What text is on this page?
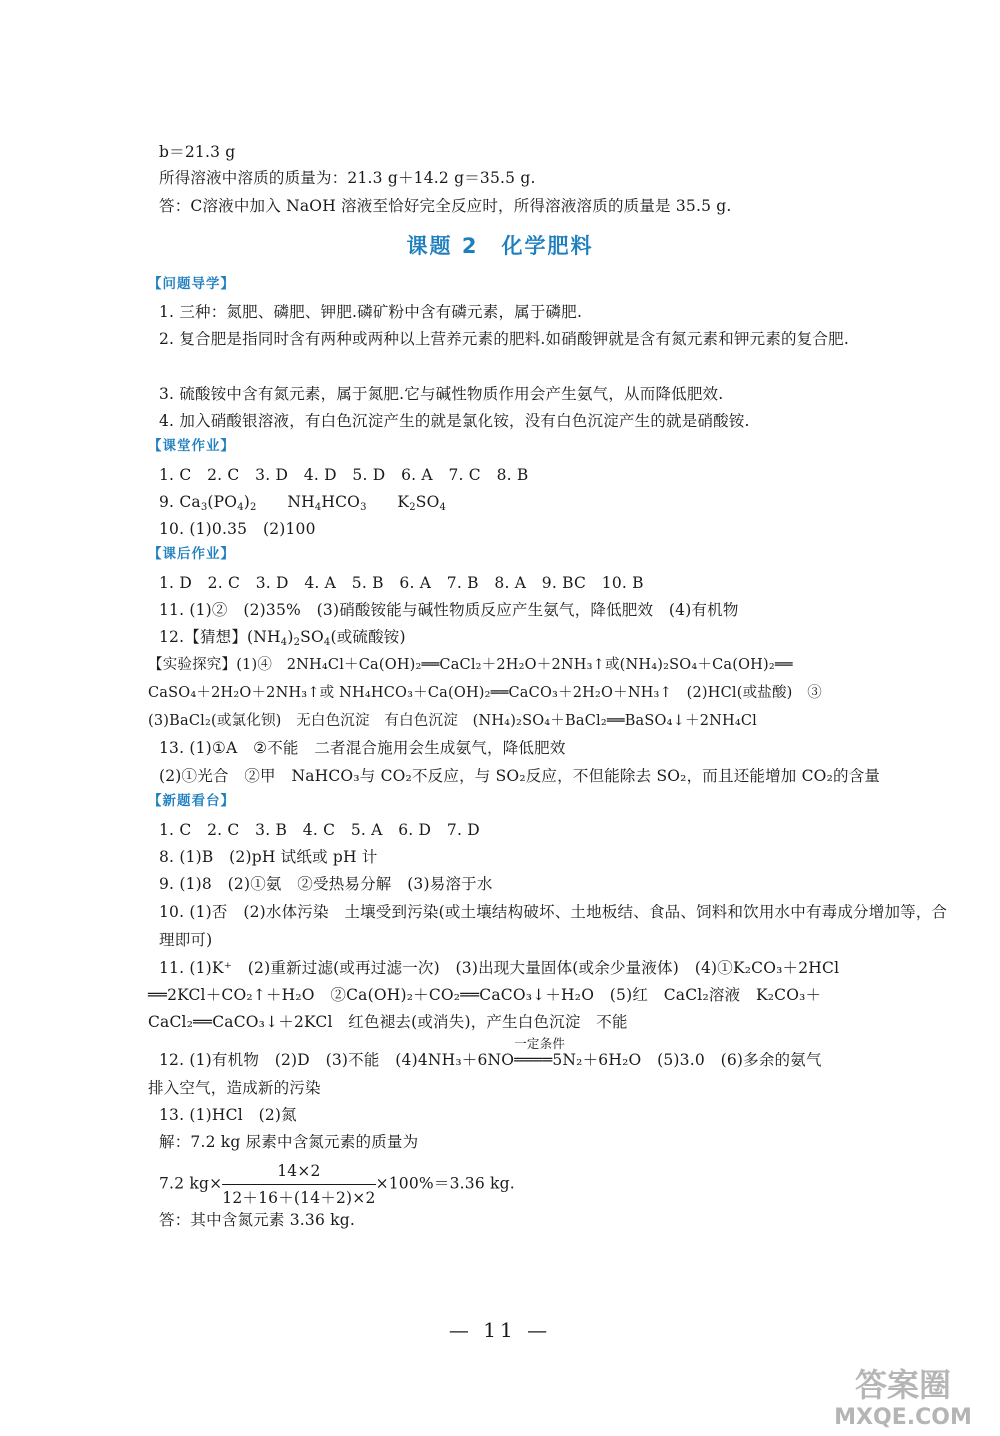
b＝21.3 g
所得溶液中溶质的质量为：21.3 g＋14.2 g＝35.5 g.
答：C溶液中加入 NaOH 溶液至恰好完全反应时，所得溶液溶质的质量是 35.5 g.
课题 2　化学肥料
【问题导学】
1. 三种：氮肥、磷肥、钾肥.磷矿粉中含有磷元素，属于磷肥.
2. 复合肥是指同时含有两种或两种以上营养元素的肥料.如硝酸钾就是含有氮元素和钾元素的复合肥.
3. 硫酸铵中含有氮元素，属于氮肥.它与碱性物质作用会产生氨气，从而降低肥效.
4. 加入硝酸银溶液，有白色沉淀产生的就是氯化铵，没有白色沉淀产生的就是硝酸铵.
【课堂作业】
1. C　2. C　3. D　4. D　5. D　6. A　7. C　8. B
9. $Ca_3(PO_4)_2$ $NH_4HCO_3$ $K_2SO_4$
10. (1)0.35　(2)100
【课后作业】
1. D　2. C　3. D　4. A　5. B　6. A　7. B　8. A　9. BC　10. B
11. (1)②　(2)35%　(3)硝酸铵能与碱性物质反应产生氨气，降低肥效　(4)有机物
12.【猜想】$(NH_4)_2SO_4$(或硫酸铵)
【实验探究】(1)④　2NH₄Cl＋Ca(OH)₂══CaCl₂＋2H₂O＋2NH₃↑或(NH₄)₂SO₄＋Ca(OH)₂══
CaSO₄＋2H₂O＋2NH₃↑或 NH₄HCO₃＋Ca(OH)₂══CaCO₃＋2H₂O＋NH₃↑　(2)HCl(或盐酸)　③
(3)BaCl₂(或氯化钡)　无白色沉淀　有白色沉淀　(NH₄)₂SO₄＋BaCl₂══BaSO₄↓＋2NH₄Cl
13. (1)①A　②不能　二者混合施用会生成氨气，降低肥效
(2)①光合　②甲　NaHCO₃与 CO₂不反应，与 SO₂反应，不但能除去 SO₂，而且还能增加 CO₂的含量
【新题看台】
1. C　2. C　3. B　4. C　5. A　6. D　7. D
8. (1)B　(2)pH 试纸或 pH 计
9. (1)8　(2)①氨　②受热易分解　(3)易溶于水
10. (1)否　(2)水体污染　土壤受到污染(或土壤结构破坏、土地板结、食品、饲料和饮用水中有毒成分增加等，合理即可)
11. (1)K⁺　(2)重新过滤(或再过滤一次)　(3)出现大量固体(或余少量液体)　(4)①K₂CO₃＋2HCl
══2KCl＋CO₂↑＋H₂O　②Ca(OH)₂＋CO₂══CaCO₃↓＋H₂O　(5)红　CaCl₂溶液　K₂CO₃＋
CaCl₂══CaCO₃↓＋2KCl　红色褪去(或消失)，产生白色沉淀　不能
12. (1)有机物　(2)D　(3)不能　(4)4NH₃＋6NO
一定条件
════5N₂＋6H₂O　(5)3.0　(6)多余的氨气
排入空气，造成新的污染
13. (1)HCl　(2)氮
解：7.2 kg 尿素中含氮元素的质量为
7.2 $kg\times \frac{14\times 2}{12+16+(14+2)\times 2} \times 100\%=3.36$ kg.
答：其中含氮元素 3.36 kg.
— 11 —
答案圈
MXQE.COM
